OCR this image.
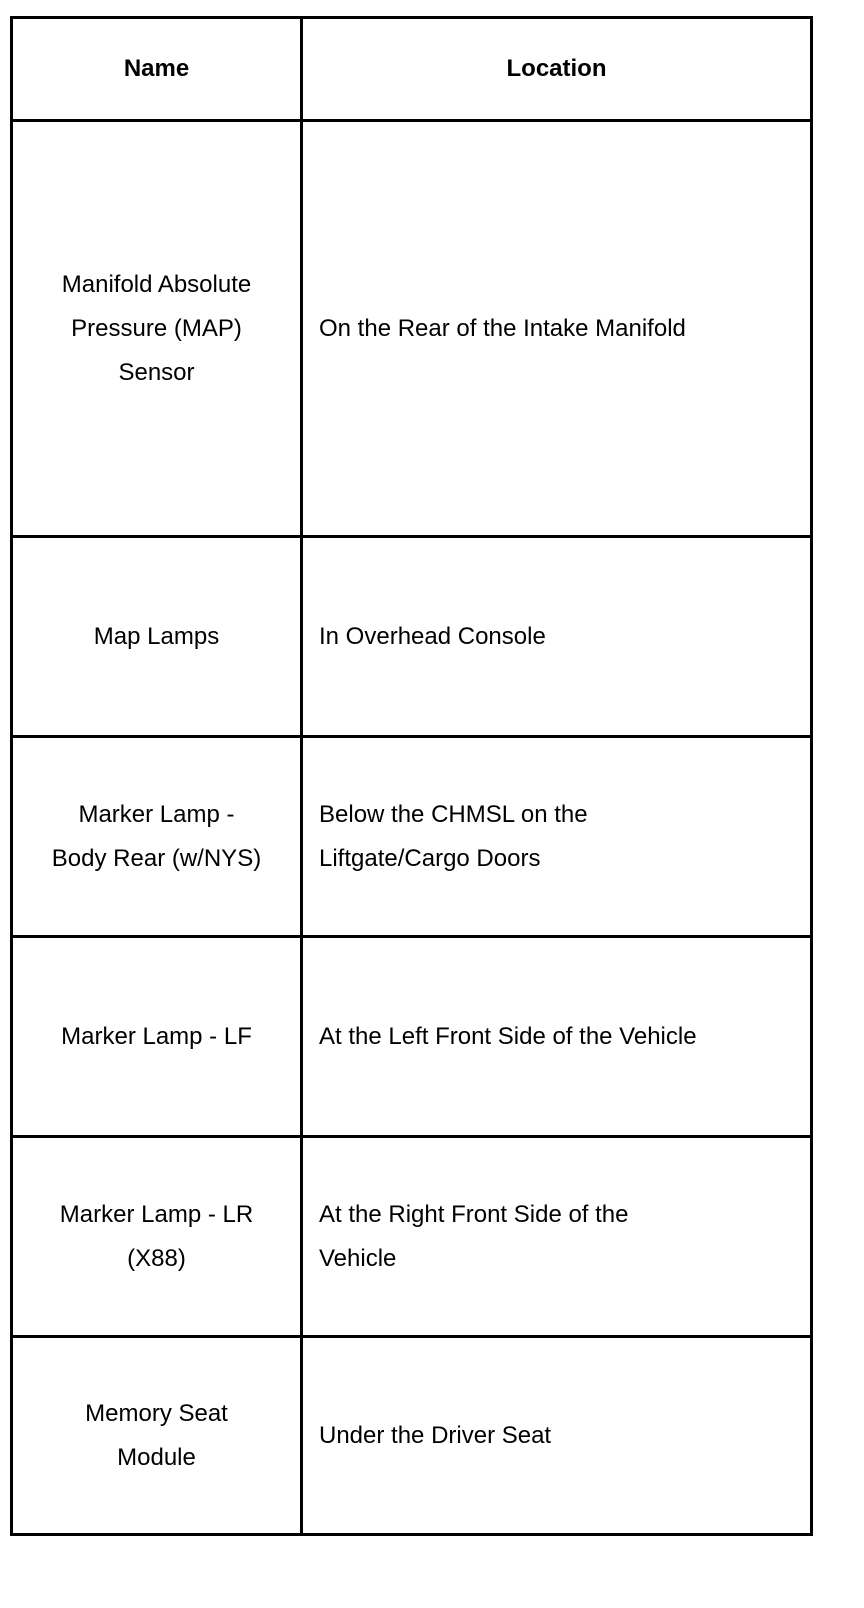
Name	Location

Manifold Absolute
Pressure (MAP)
Sensor	On the Rear of the Intake Manifold

Map Lamps	In Overhead Console

Marker Lamp -
Body Rear (w/NYS)	Below the CHMSL on the
Liftgate/Cargo Doors

Marker Lamp - LF	At the Left Front Side of the Vehicle

Marker Lamp - LR
(X88)	At the Right Front Side of the
Vehicle

Memory Seat
Module	Under the Driver Seat
